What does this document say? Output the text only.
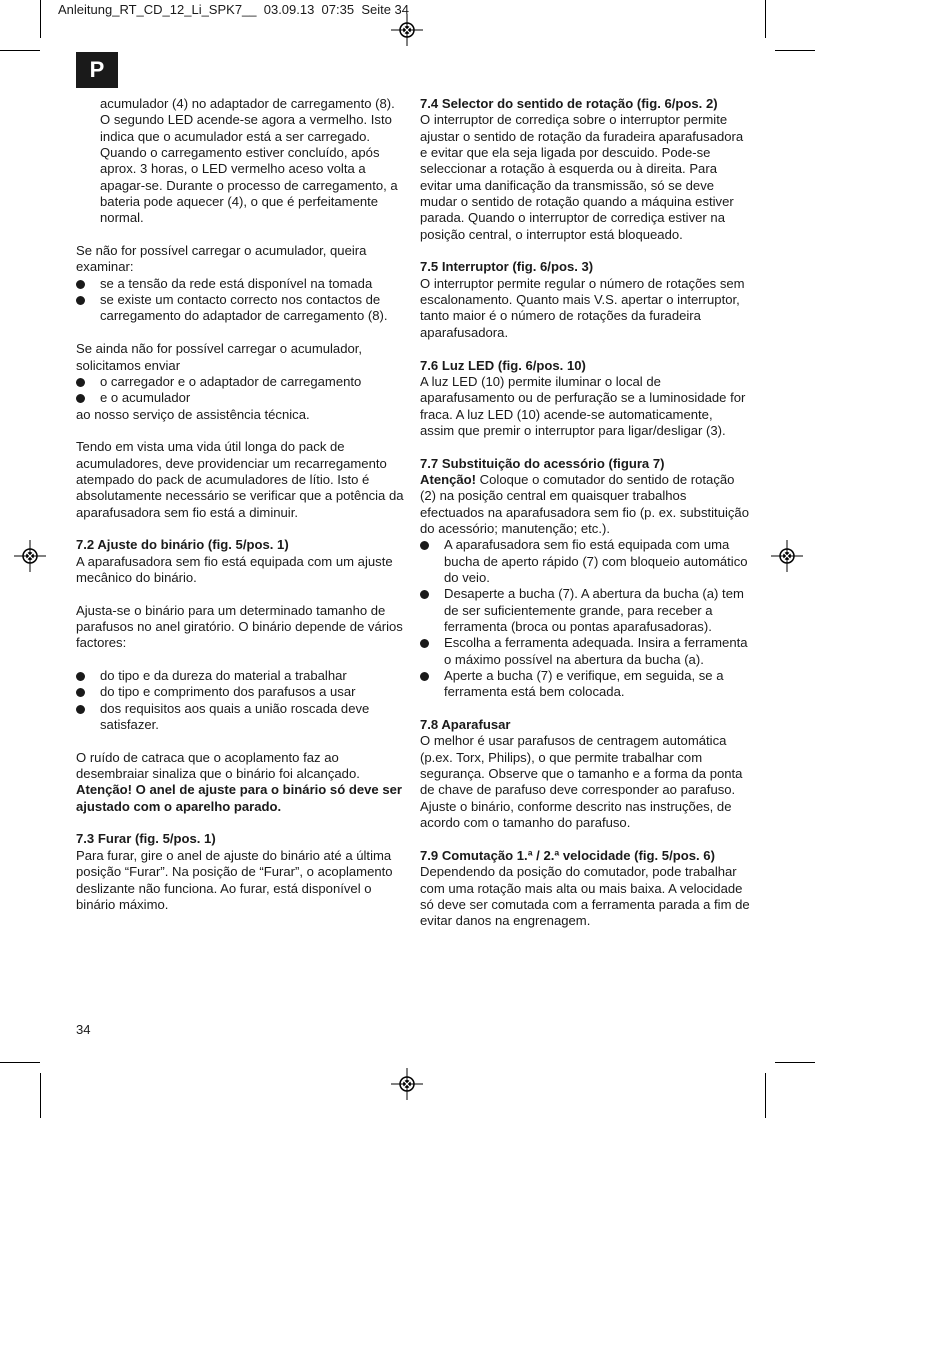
Anleitung_RT_CD_12_Li_SPK7__  03.09.13  07:35  Seite 34
P

acumulador (4) no adaptador de carregamento (8). O segundo LED acende-se agora a vermelho. Isto indica que o acumulador está a ser carregado. Quando o carregamento estiver concluído, após aprox. 3 horas, o LED vermelho aceso volta a apagar-se. Durante o processo de carregamento, a bateria pode aquecer (4), o que é perfeitamente normal.

Se não for possível carregar o acumulador, queira examinar:

se a tensão da rede está disponível na tomada
se existe um contacto correcto nos contactos de carregamento do adaptador de carregamento (8).

Se ainda não for possível carregar o acumulador, solicitamos enviar

o carregador e o adaptador de carregamento
e o acumulador

ao nosso serviço de assistência técnica.

Tendo em vista uma vida útil longa do pack de acumuladores, deve providenciar um recarregamento atempado do pack de acumuladores de lítio. Isto é absolutamente necessário se verificar que a potência da aparafusadora sem fio está a diminuir.

7.2 Ajuste do binário (fig. 5/pos. 1)

A aparafusadora sem fio está equipada com um ajuste mecânico do binário.

Ajusta-se o binário para um determinado tamanho de parafusos no anel giratório. O binário depende de vários factores:

do tipo e da dureza do material a trabalhar
do tipo e comprimento dos parafusos a usar
dos requisitos aos quais a união roscada deve satisfazer.

O ruído de catraca que o acoplamento faz ao desembraiar sinaliza que o binário foi alcançado. Atenção! O anel de ajuste para o binário só deve ser ajustado com o aparelho parado.

7.3 Furar (fig. 5/pos. 1)

Para furar, gire o anel de ajuste do binário até a última posição “Furar”. Na posição de “Furar”, o acoplamento deslizante não funciona. Ao furar, está disponível o binário máximo.

7.4 Selector do sentido de rotação (fig. 6/pos. 2)

O interruptor de corrediça sobre o interruptor permite ajustar o sentido de rotação da furadeira aparafusadora e evitar que ela seja ligada por descuido. Pode-se seleccionar a rotação à esquerda ou à direita. Para evitar uma danificação da transmissão, só se deve mudar o sentido de rotação quando a máquina estiver parada. Quando o interruptor de corrediça estiver na posição central, o interruptor está bloqueado.

7.5 Interruptor (fig. 6/pos. 3)

O interruptor permite regular o número de rotações sem escalonamento. Quanto mais V.S. apertar o interruptor, tanto maior é o número de rotações da furadeira aparafusadora.

7.6 Luz LED (fig. 6/pos. 10)

A luz LED (10) permite iluminar o local de aparafusamento ou de perfuração se a luminosidade for fraca. A luz LED (10) acende-se automaticamente, assim que premir o interruptor para ligar/desligar (3).

7.7 Substituição do acessório (figura 7)

Atenção! Coloque o comutador do sentido de rotação (2) na posição central em quaisquer trabalhos efectuados na aparafusadora sem fio (p. ex. substituição do acessório; manutenção; etc.).

A aparafusadora sem fio está equipada com uma bucha de aperto rápido (7) com bloqueio automático do veio.
Desaperte a bucha (7). A abertura da bucha (a) tem de ser suficientemente grande, para receber a ferramenta (broca ou pontas aparafusadoras).
Escolha a ferramenta adequada. Insira a ferramenta o máximo possível na abertura da bucha (a).
Aperte a bucha (7) e verifique, em seguida, se a ferramenta está bem colocada.

7.8 Aparafusar

O melhor é usar parafusos de centragem automática (p.ex. Torx, Philips), o que permite trabalhar com segurança. Observe que o tamanho e a forma da ponta de chave de parafuso deve corresponder ao parafuso. Ajuste o binário, conforme descrito nas instruções, de acordo com o tamanho do parafuso.

7.9 Comutação 1.ª / 2.ª velocidade (fig. 5/pos. 6)

Dependendo da posição do comutador, pode trabalhar com uma rotação mais alta ou mais baixa. A velocidade só deve ser comutada com a ferramenta parada a fim de evitar danos na engrenagem.

34
